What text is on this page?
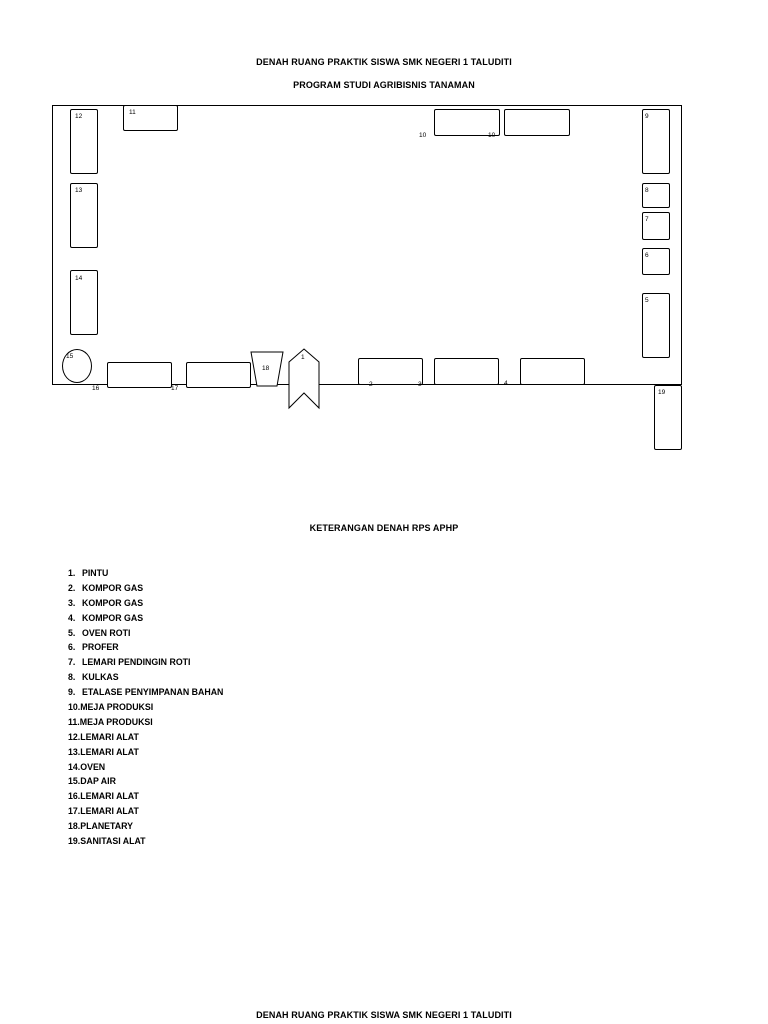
DENAH RUANG PRAKTIK SISWA SMK NEGERI 1 TALUDITI
PROGRAM STUDI AGRIBISNIS TANAMAN
11
12
13
14
15
10	10
9
8
7
6
5
19
16	17
18
1
2	3	4
KETERANGAN DENAH RPS APHP
1. PINTU
2. KOMPOR GAS
3. KOMPOR GAS
4. KOMPOR GAS
5. OVEN ROTI
6. PROFER
7. LEMARI PENDINGIN ROTI
8. KULKAS
9. ETALASE PENYIMPANAN BAHAN
10.MEJA PRODUKSI
11.MEJA PRODUKSI
12.LEMARI ALAT
13.LEMARI ALAT
14.OVEN
15.DAP AIR
16.LEMARI ALAT
17.LEMARI ALAT
18.PLANETARY
19.SANITASI ALAT
DENAH RUANG PRAKTIK SISWA SMK NEGERI 1 TALUDITI
